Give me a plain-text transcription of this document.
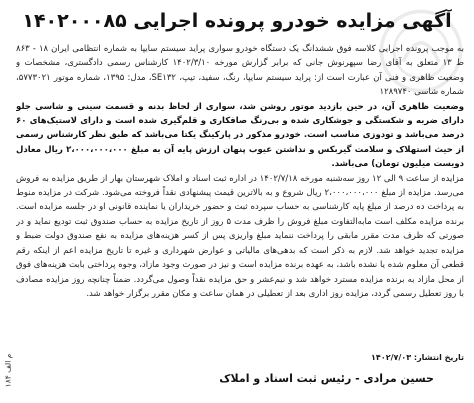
آگهی مزایده خودرو پرونده اجرایی ۱۴۰۲۰۰۰۸۵
به موجب پرونده اجرایی کلاسه فوق ششدانگ یک دستگاه خودرو سواری پراید سیستم سایپا به شماره انتظامی ایران ۱۸ - ۸۶۳ ط ۱۳ متعلق به آقای رضا سپهرنوش جانی که برابر گزارش مورخه ۱۴۰۲/۳/۱۰ کارشناس رسمی دادگستری، مشخصات و وضعیت ظاهری و فنی آن عبارت است از: پراید سیستم سایپا، رنگ، سفید، تیپ، SE۱۳۲، مدل: ۱۳۹۵، شماره موتور ۵۷۷۳۰۲۱، شماره شاسی ۱۲۸۹۷۴۰
وضعیت ظاهری آن، در حین بازدید موتور روشن شد، سواری از لحاظ بدنه و قسمت سینی و شاسی جلو دارای ضربه و شکستگی و جوشکاری شده و بی‌رنگ صافکاری و قلم‌گیری شده است و دارای لاستیک‌های ۶۰ درصد می‌باشد و تودوزی مناسب است. خودرو مذکور در پارکینگ یکتا می‌باشد که طبق نظر کارشناس رسمی از حیث استهلاک و سلامت گیربکس و نداشتن عیوب پنهان ارزش پایه آن به مبلغ ۲،۰۰۰،۰۰۰،۰۰۰ ریال معادل دویست میلیون تومان) می‌باشد.
مزایده از ساعت ۹ الی ۱۲ روز سه‌شنبه مورخه ۱۴۰۲/۷/۱۸ در اداره ثبت اسناد و املاک شهرستان بهار از طریق مزایده به فروش می‌رسد. مزایده از مبلغ ۲،۰۰۰،۰۰۰،۰۰۰ ریال شروع و به بالاترین قیمت پیشنهادی نقداً فروخته می‌شود. شرکت در مزایده منوط به پرداخت ده درصد از مبلغ پایه کارشناسی به حساب سپرده ثبت و حضور خریداران یا نماینده قانونی او در جلسه مزایده است. برنده مزایده مکلف است مابه‌التفاوت مبلغ فروش را ظرف مدت ۵ روز از تاریخ مزایده به حساب صندوق ثبت تودیع نماید و در صورتی که ظرف مدت مقرر مابقی را پرداخت ننماید مبلغ واریزی پس از کسر هزینه‌های مزایده به نفع صندوق دولت ضبط و مزایده تجدید خواهد شد. لازم به ذکر است که بدهی‌های مالیاتی و عوارض شهرداری و غیره تا تاریخ مزایده اعم از اینکه رقم قطعی آن معلوم شده یا نشده باشد، به عهده برنده مزایده است و نیز در صورت وجود مازاد، وجوه پرداختی بابت هزینه‌های فوق از محل مازاد به برنده مزایده مسترد خواهد شد و نیم‌عشر و حق مزایده نقداً وصول می‌گردد. ضمناً چنانچه روز مزایده مصادف با روز تعطیل رسمی گردد، مزایده روز اداری بعد از تعطیلی در همان ساعت و مکان مقرر برگزار خواهد شد.
م الف ۱۸۴	تاریخ انتشار: ۱۴۰۲/۷/۰۳
حسین مرادی - رئیس ثبت اسناد و املاک
